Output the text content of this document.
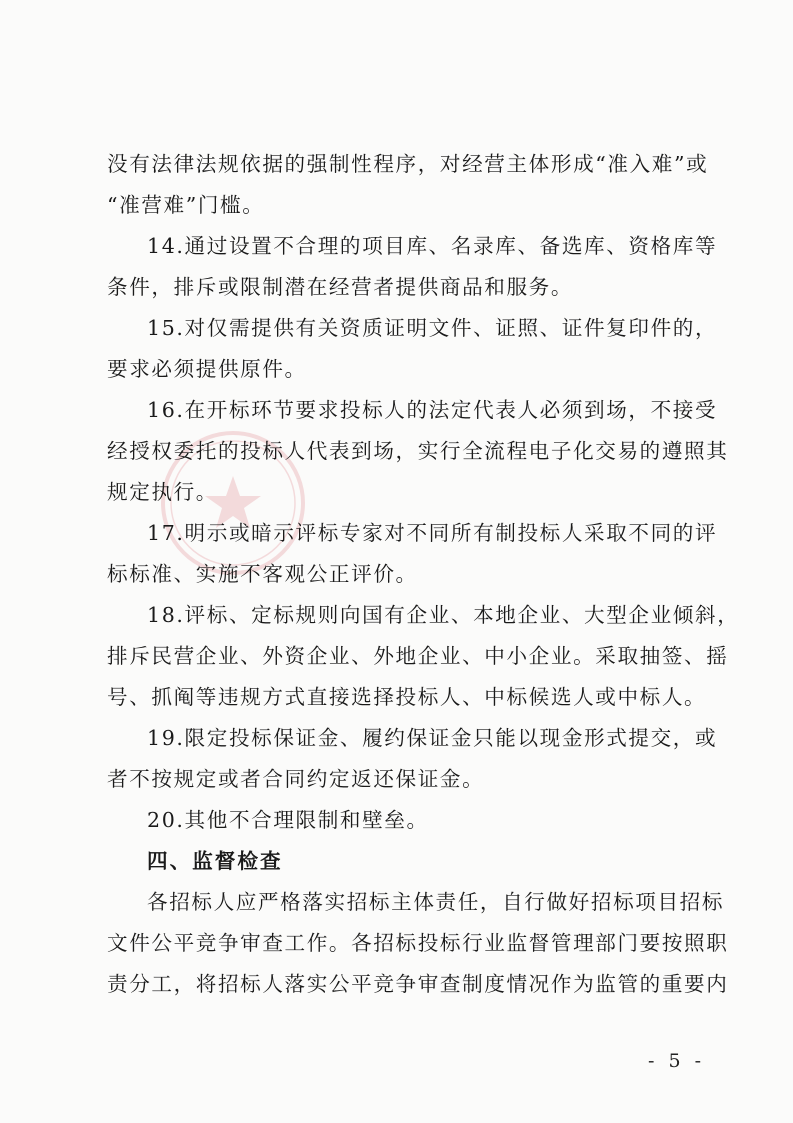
没有法律法规依据的强制性程序，对经营主体形成“准入难”或
“准营难”门槛。
14.通过设置不合理的项目库、名录库、备选库、资格库等
条件，排斥或限制潜在经营者提供商品和服务。
15.对仅需提供有关资质证明文件、证照、证件复印件的，
要求必须提供原件。
16.在开标环节要求投标人的法定代表人必须到场，不接受
经授权委托的投标人代表到场，实行全流程电子化交易的遵照其
规定执行。
17.明示或暗示评标专家对不同所有制投标人采取不同的评
标标准、实施不客观公正评价。
18.评标、定标规则向国有企业、本地企业、大型企业倾斜，
排斥民营企业、外资企业、外地企业、中小企业。采取抽签、摇
号、抓阄等违规方式直接选择投标人、中标候选人或中标人。
19.限定投标保证金、履约保证金只能以现金形式提交，或
者不按规定或者合同约定返还保证金。
20.其他不合理限制和壁垒。
四、监督检查
各招标人应严格落实招标主体责任，自行做好招标项目招标
文件公平竞争审查工作。各招标投标行业监督管理部门要按照职
责分工，将招标人落实公平竞争审查制度情况作为监管的重要内
- 5 -
